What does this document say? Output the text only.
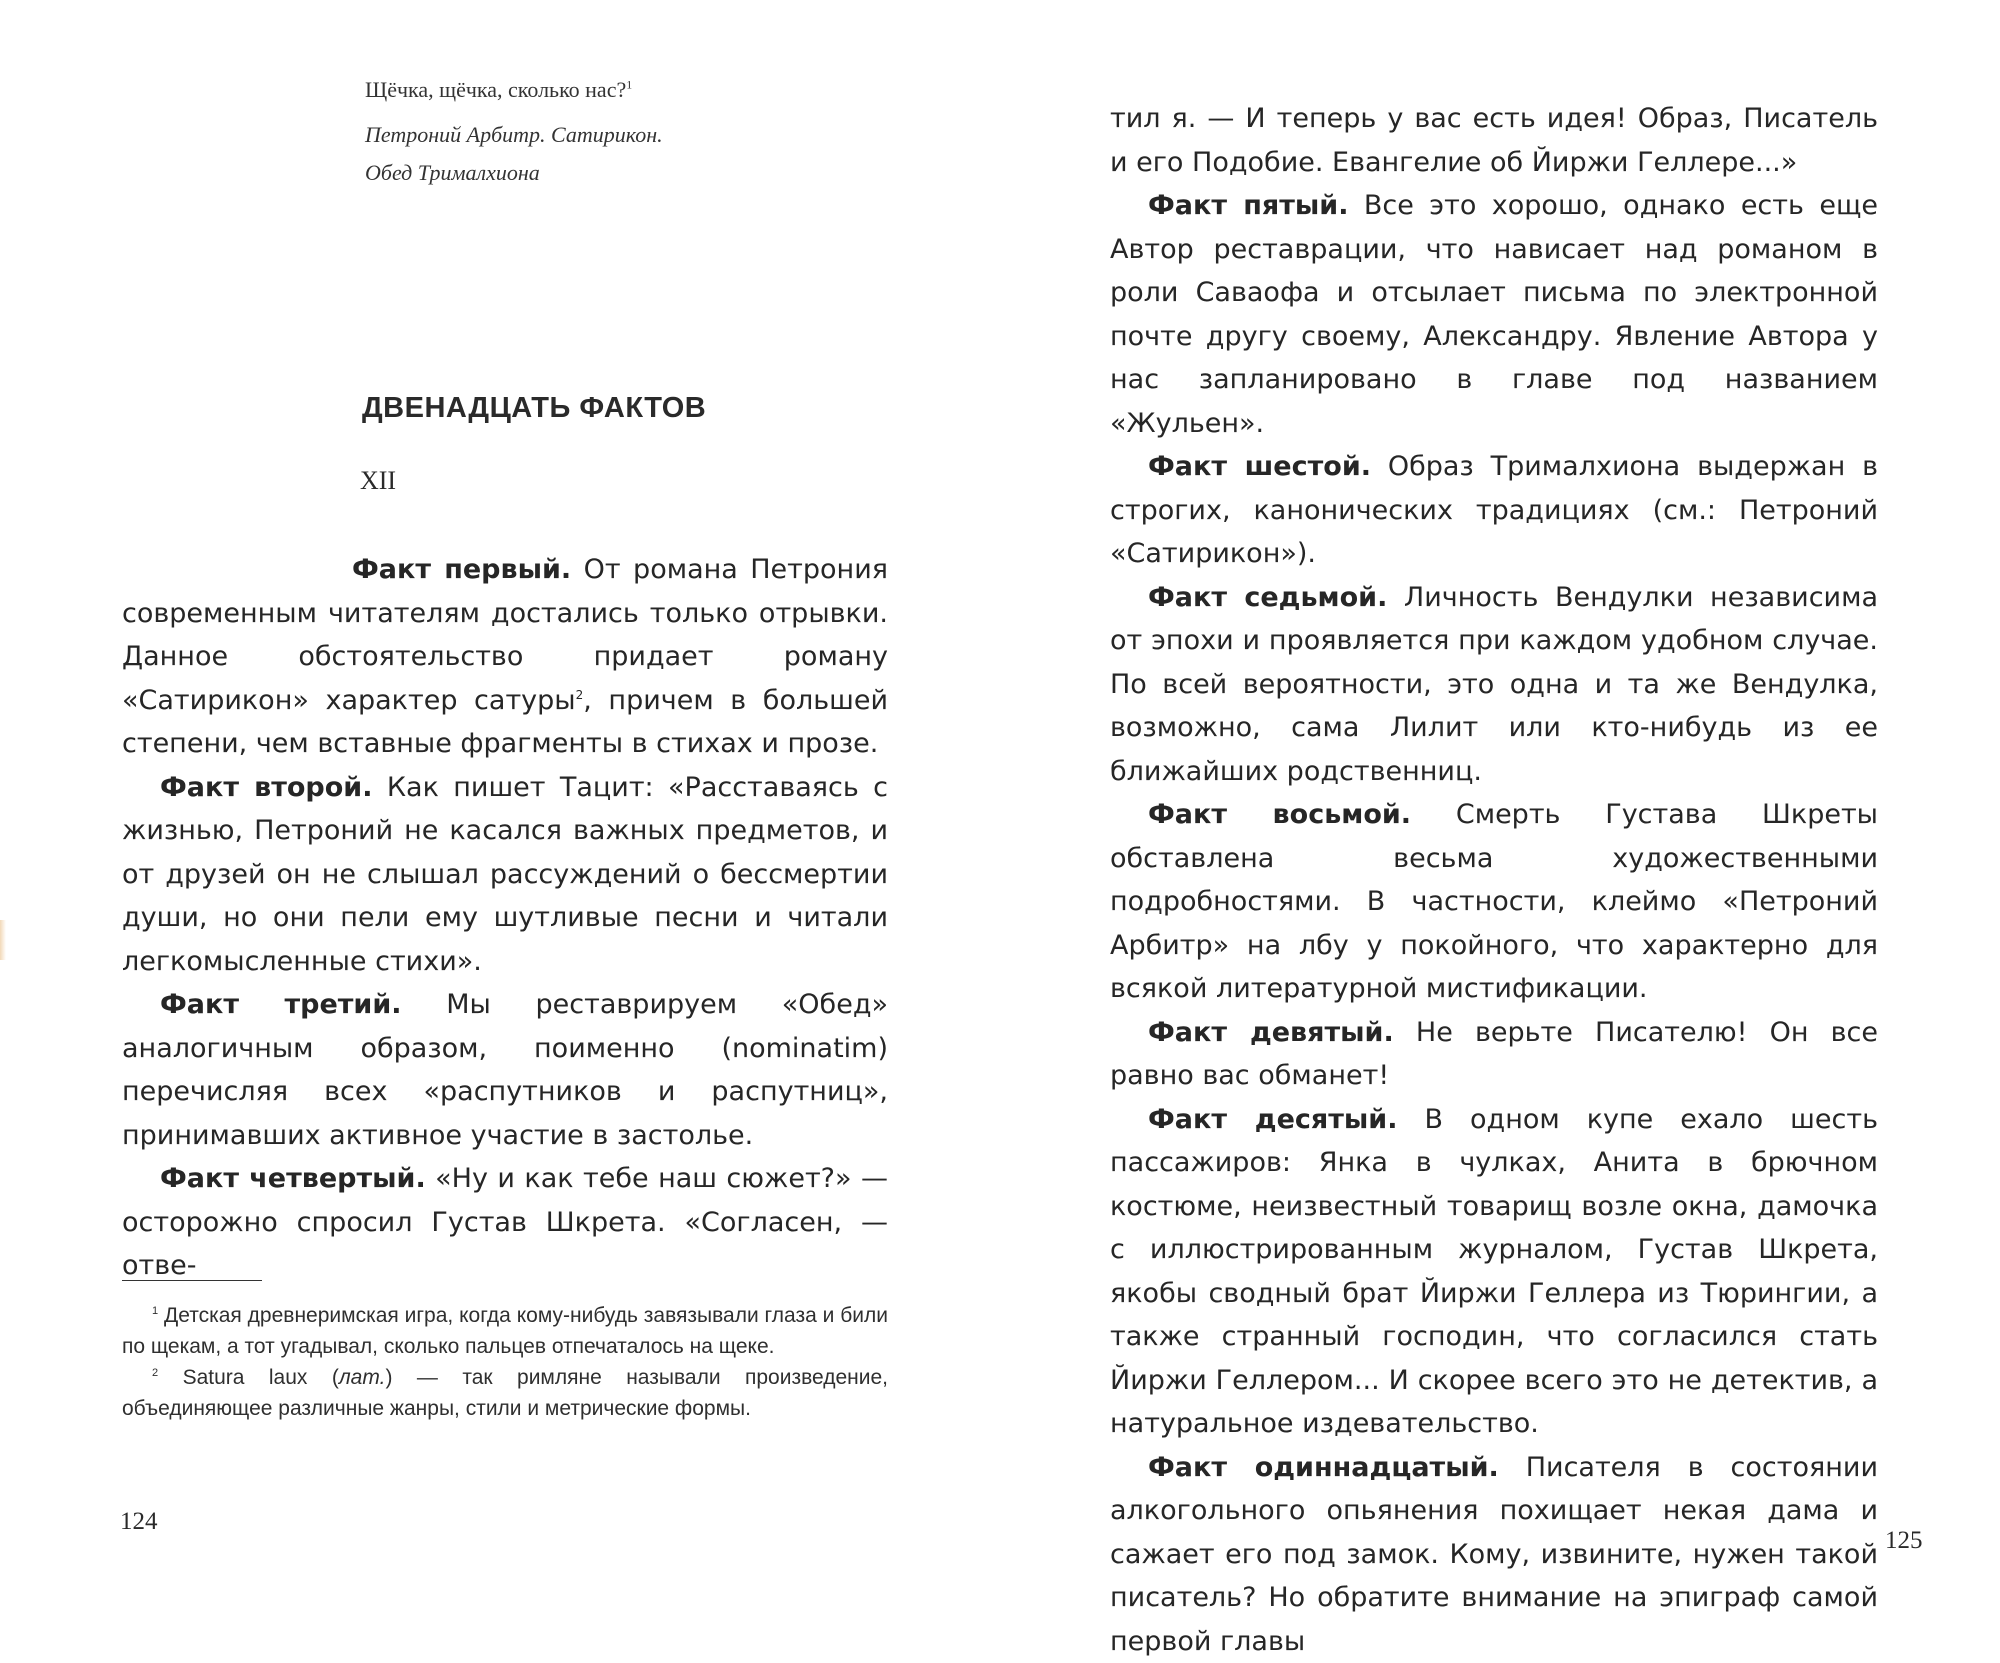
Щёчка, щёчка, сколько нас?$^1$

Петроний Арбитр. Сатирикон.
Обед Трималхиона

ДВЕНАДЦАТЬ ФАКТОВ
XII

Факт первый. От романа Петрония современным читателям достались только отрывки. Данное обстоятельство придает роману «Сатирикон» характер сатуры$^2$, причем в большей степени, чем вставные фрагменты в стихах и прозе.

Факт второй. Как пишет Тацит: «Расставаясь с жизнью, Петроний не касался важных предметов, и от друзей он не слышал рассуждений о бессмертии души, но они пели ему шутливые песни и читали легкомысленные стихи».

Факт третий. Мы реставрируем «Обед» аналогичным образом, поименно (nominatim) перечисляя всех «распутников и распутниц», принимавших активное участие в застолье.

Факт четвертый. «Ну и как тебе наш сюжет?» — осторожно спросил Густав Шкрета. «Согласен, — отве-

$^1$ Детская древнеримская игра, когда кому-нибудь завязывали глаза и били по щекам, а тот угадывал, сколько пальцев отпечаталось на щеке.

$^2$ Satura laux (лат.) — так римляне называли произведение, объединяющее различные жанры, стили и метрические формы.

124

тил я. — И теперь у вас есть идея! Образ, Писатель и его Подобие. Евангелие об Йиржи Геллере...»

Факт пятый. Все это хорошо, однако есть еще Автор реставрации, что нависает над романом в роли Саваофа и отсылает письма по электронной почте другу своему, Александру. Явление Автора у нас запланировано в главе под названием «Жульен».

Факт шестой. Образ Трималхиона выдержан в строгих, канонических традициях (см.: Петроний «Сатирикон»).

Факт седьмой. Личность Вендулки независима от эпохи и проявляется при каждом удобном случае. По всей вероятности, это одна и та же Вендулка, возможно, сама Лилит или кто-нибудь из ее ближайших родственниц.

Факт восьмой. Смерть Густава Шкреты обставлена весьма художественными подробностями. В частности, клеймо «Петроний Арбитр» на лбу у покойного, что характерно для всякой литературной мистификации.

Факт девятый. Не верьте Писателю! Он все равно вас обманет!

Факт десятый. В одном купе ехало шесть пассажиров: Янка в чулках, Анита в брючном костюме, неизвестный товарищ возле окна, дамочка с иллюстрированным журналом, Густав Шкрета, якобы сводный брат Йиржи Геллера из Тюрингии, а также странный господин, что согласился стать Йиржи Геллером... И скорее всего это не детектив, а натуральное издевательство.

Факт одиннадцатый. Писателя в состоянии алкогольного опьянения похищает некая дама и сажает его под замок. Кому, извините, нужен такой писатель? Но обратите внимание на эпиграф самой первой главы

125
